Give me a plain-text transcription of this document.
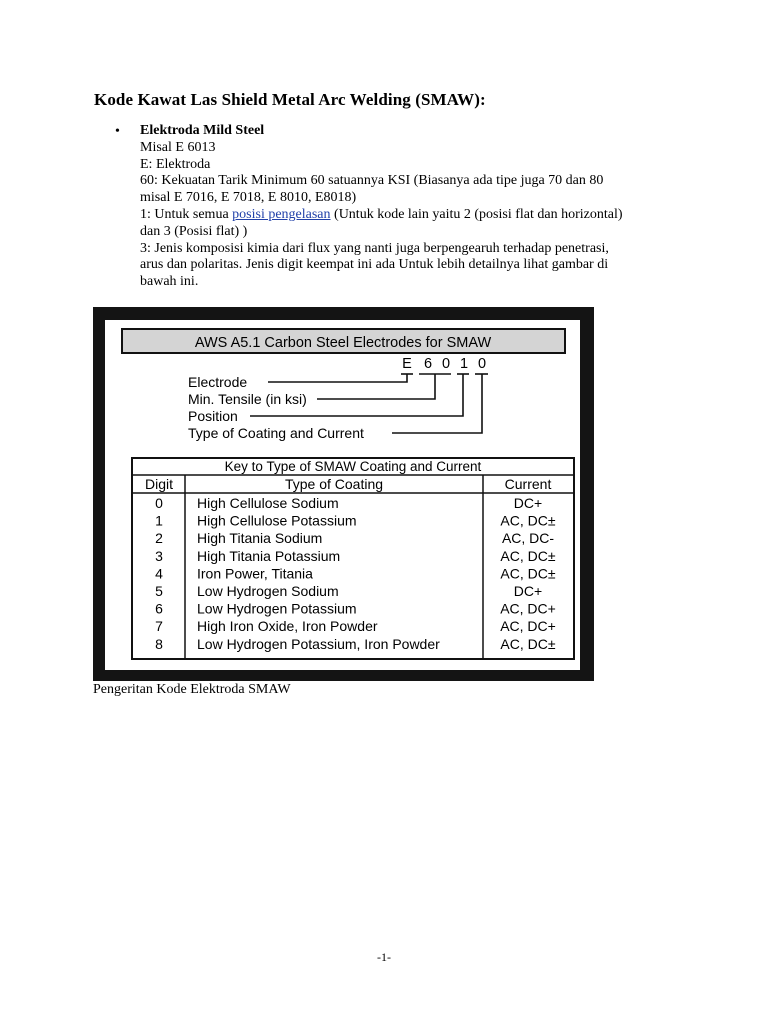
Kode Kawat Las Shield Metal Arc Welding (SMAW):
• Elektroda Mild Steel
Misal E 6013
E: Elektroda
60: Kekuatan Tarik Minimum 60 satuannya KSI (Biasanya ada tipe juga 70 dan 80
misal E 7016, E 7018, E 8010, E8018)
1: Untuk semua posisi pengelasan (Untuk kode lain yaitu 2 (posisi flat dan horizontal)
dan 3 (Posisi flat) )
3: Jenis komposisi kimia dari flux yang nanti juga berpengearuh terhadap penetrasi,
arus dan polaritas. Jenis digit keempat ini ada Untuk lebih detailnya lihat gambar di
bawah ini.
AWS A5.1 Carbon Steel Electrodes for SMAW
E 6 0 1 0
Electrode
Min. Tensile (in ksi)
Position
Type of Coating and Current
Key to Type of SMAW Coating and Current
Digit	Type of Coating	Current
0 High Cellulose Sodium	DC+
1 High Cellulose Potassium	AC, DC±
2 High Titania Sodium	AC, DC-
3 High Titania Potassium	AC, DC±
4 Iron Power, Titania	AC, DC±
5 Low Hydrogen Sodium	DC+
6 Low Hydrogen Potassium	AC, DC+
7 High Iron Oxide, Iron Powder	AC, DC+
8 Low Hydrogen Potassium, Iron Powder	AC, DC±
Pengeritan Kode Elektroda SMAW
-1-
